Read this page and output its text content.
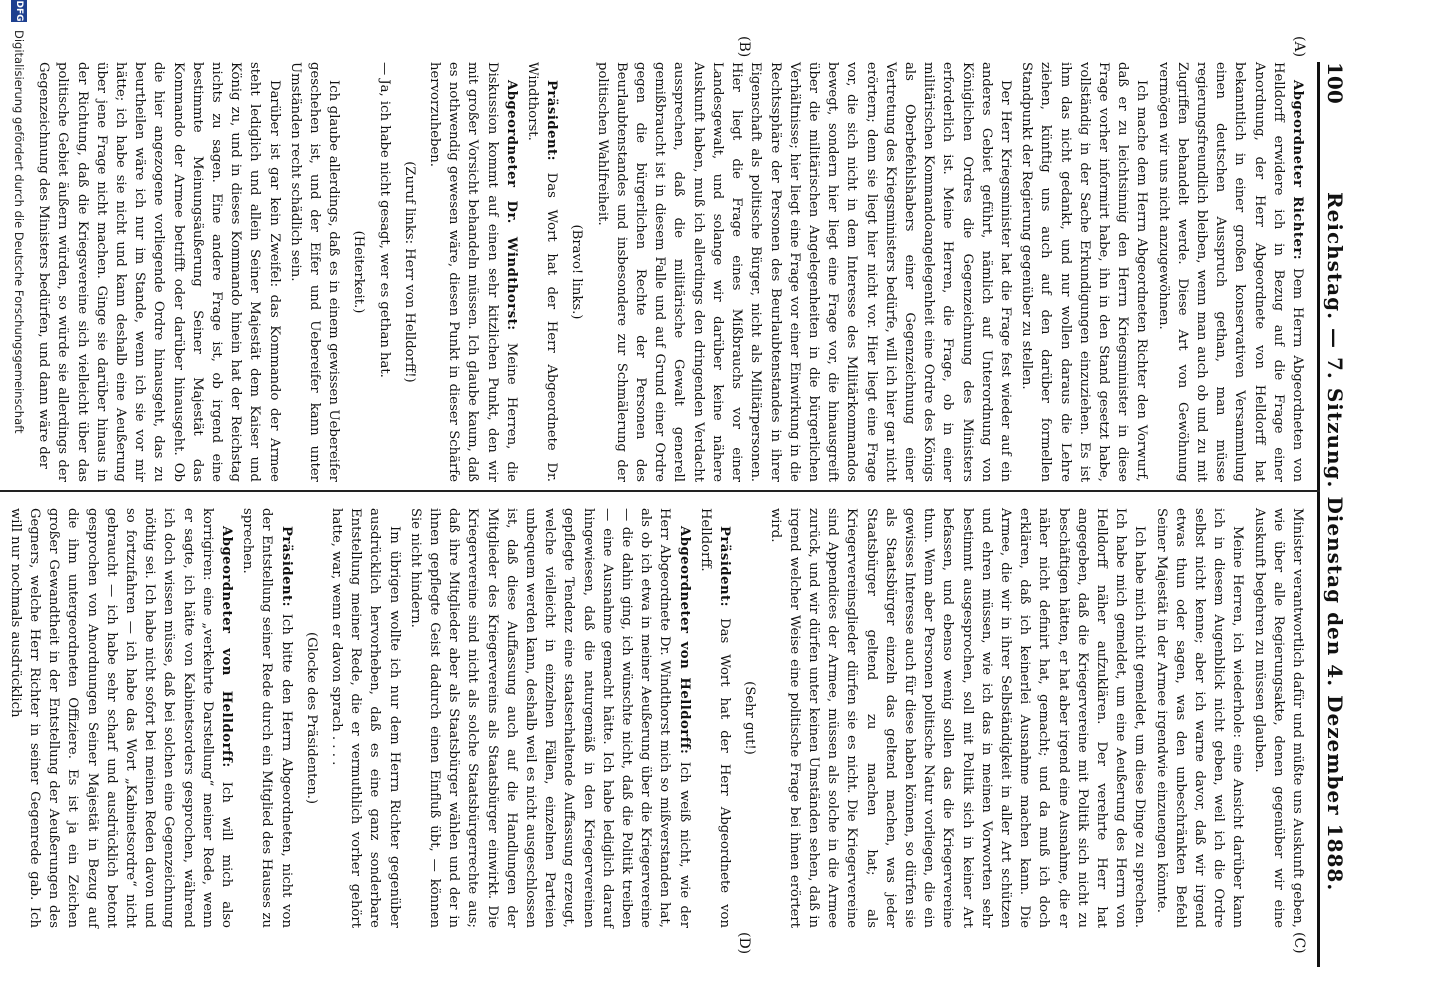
100
Reichstag. — 7. Sitzung. Dienstag den 4. Dezember 1888.
(A)
(B)
(C)
(D)

Abgeordneter Richter: Dem Herrn Abgeordneten von Helldorff erwidere ich in Bezug auf die Frage einer Anordnung, der Herr Abgeordnete von Helldorff hat bekanntlich in einer großen konservativen Versammlung einen deutschen Ausspruch gethan, man müsse regierungsfreundlich bleiben, wenn man auch ob und zu mit Zugriffen behandelt werde. Diese Art von Gewöhnung vermögen wir uns nicht anzugewöhnen.

Ich mache dem Herrn Abgeordneten Richter den Vorwurf, daß er zu leichtsinnig den Herrn Kriegsminister in diese Frage vorher informirt habe, ihn in den Stand gesetzt habe, vollständig in der Sache Erkundigungen einzuziehen. Es ist ihm das nicht gedankt, und nur wollen daraus die Lehre ziehen, künftig uns auch auf den darüber formellen Standpunkt der Regierung gegenüber zu stellen.

Der Herr Kriegsminister hat die Frage fest wieder auf ein anderes Gebiet geführt, nämlich auf Unterordnung von Königlichen Ordres die Gegenzeichnung des Ministers erforderlich ist. Meine Herren, die Frage, ob in einer militärischen Kommandoangelegenheit eine Ordre des Königs als Oberbefehlshabers einer Gegenzeichnung einer Vertretung des Kriegsministers bedürfe, will ich hier gar nicht erörtern; denn sie liegt hier nicht vor. Hier liegt eine Frage vor, die sich nicht in dem Interesse des Militärkommandos bewegt, sondern hier liegt eine Frage vor, die hinausgreift über die militärischen Angelegenheiten in die bürgerlichen Verhältnisse; hier liegt eine Frage vor einer Einwirkung in die Rechtssphäre der Personen des Beurlaubtenstandes in ihrer Eigenschaft als politische Bürger, nicht als Militärpersonen. Hier liegt die Frage eines Mißbrauchs vor einer Landesgewalt, und solange wir darüber keine nähere Auskunft haben, muß ich allerdings den dringenden Verdacht aussprechen, daß die militärische Gewalt generell gemißbraucht ist in diesem Falle und auf Grund einer Ordre gegen die bürgerlichen Rechte der Personen des Beurlaubtenstandes und insbesondere zur Schmälerung der politischen Wahlfreiheit.

(Bravo! links.)

Präsident: Das Wort hat der Herr Abgeordnete Dr. Windthorst.

Abgeordneter Dr. Windthorst: Meine Herren, die Diskussion kommt auf einen sehr kitzlichen Punkt, den wir mit großer Vorsicht behandeln müssen. Ich glaube kaum, daß es nothwendig gewesen wäre, diesen Punkt in dieser Schärfe hervorzuheben.

(Zuruf links: Herr von Helldorff!)

— Ja, ich habe nicht gesagt, wer es gethan hat.

(Heiterkeit.)

Ich glaube allerdings, daß es in einem gewissen Uebereifer geschehen ist, und der Eifer und Uebereifer kann unter Umständen recht schädlich sein.

Darüber ist gar kein Zweifel: das Kommando der Armee steht lediglich und allein Seiner Majestät dem Kaiser und König zu, und in dieses Kommando hinein hat der Reichstag nichts zu sagen. Eine andere Frage ist, ob irgend eine bestimmte Meinungsäußerung Seiner Majestät das Kommando der Armee betrifft oder darüber hinausgeht. Ob die hier angezogene vorliegende Ordre hinausgeht, das zu beurtheilen wäre ich nur im Stande, wenn ich sie vor mir hätte; ich habe sie nicht und kann deshalb eine Aeußerung über jene Frage nicht machen. Ginge sie darüber hinaus in der Richtung, daß die Kriegsvereine sich vielleicht über das politische Gebiet äußern würden, so würde sie allerdings der Gegenzeichnung des Ministers bedürfen, und dann wäre der

Minister verantwortlich dafür und müßte uns Auskunft geben, wie über alle Regierungsakte, denen gegenüber wir eine Auskunft begehren zu müssen glauben.

Meine Herren, ich wiederhole: eine Ansicht darüber kann ich in diesem Augenblick nicht geben, weil ich die Ordre selbst nicht kenne; aber ich warne davor, daß wir irgend etwas thun oder sagen, was den unbeschränkten Befehl Seiner Majestät in der Armee irgendwie einzuengen könnte.

Ich habe mich nicht gemeldet, um diese Dinge zu sprechen. Ich habe mich gemeldet, um eine Aeußerung des Herrn von Helldorff näher aufzuklären. Der verehrte Herr hat angegeben, daß die Kriegervereine mit Politik sich nicht zu beschäftigen hätten, er hat aber irgend eine Ausnahme, die er näher nicht definirt hat, gemacht; und da muß ich doch erklären, daß ich keinerlei Ausnahme machen kann. Die Armee, die wir in ihrer Selbständigkeit in aller Art schützen und ehren müssen, wie ich das in meinen Vorworten sehr bestimmt ausgesprochen, soll mit Politik sich in keiner Art befassen, und ebenso wenig sollen das die Kriegervereine thun. Wenn aber Personen politische Natur vorliegen, die ein gewisses Interesse auch für diese haben können, so dürfen sie als Staatsbürger einzeln das geltend machen, was jeder Staatsbürger geltend zu machen hat; als Kriegervereinsglieder dürfen sie es nicht. Die Kriegervereine sind Appendices der Armee, müssen als solche in die Armee zurück, und wir dürfen unter keinen Umständen sehen, daß in irgend welcher Weise eine politische Frage bei ihnen erörtert wird.

(Sehr gut!)

Präsident: Das Wort hat der Herr Abgeordnete von Helldorff.

Abgeordneter von Helldorff: Ich weiß nicht, wie der Herr Abgeordnete Dr. Windthorst mich so mißverstanden hat, als ob ich etwa in meiner Aeußerung über die Kriegervereine — die dahin ging, ich wünschte nicht, daß die Politik treiben — eine Ausnahme gemacht hätte. Ich habe lediglich darauf hingewiesen, daß die naturgemäß in den Kriegervereinen gepflegte Tendenz eine staatserhaltende Auffassung erzeugt, welche vielleicht in einzelnen Fällen, einzelnen Parteien unbequem werden kann, deshalb weil es nicht ausgeschlossen ist, daß diese Auffassung auch auf die Handlungen der Mitglieder des Kriegervereins als Staatsbürger einwirkt. Die Kriegervereine sind nicht als solche Staatsbürgerrechte aus; daß ihre Mitglieder aber als Staatsbürger wählen und der in ihnen gepflegte Geist dadurch einen Einfluß übt, — können Sie nicht hindern.

Im übrigen wollte ich nur dem Herrn Richter gegenüber ausdrücklich hervorheben, daß es eine ganz sonderbare Entstellung meiner Rede, die er vermuthlich vorher gehört hatte, war, wenn er davon sprach . . . .

(Glocke des Präsidenten.)

Präsident: Ich bitte den Herrn Abgeordneten, nicht von der Entstellung seiner Rede durch ein Mitglied des Hauses zu sprechen.

Abgeordneter von Helldorff: Ich will mich also korrigiren: eine „verkehrte Darstellung“ meiner Rede, wenn er sagte, ich hätte von Kabinetsorders gesprochen, während ich doch wissen müsse, daß bei solchen eine Gegenzeichnung nöthig sei. Ich habe nicht sofort bei meinen Reden davon und so fortzufahren — ich habe das Wort „Kabinetsordre“ nicht gebraucht — ich habe sehr scharf und ausdrücklich betont gesprochen von Anordnungen Seiner Majestät in Bezug auf die ihm untergeordneten Offiziere. Es ist ja ein Zeichen großer Gewandtheit in der Entstellung der Aeußerungen des Gegners, welche Herr Richter in seiner Gegenrede gab. Ich will nur nochmals ausdrücklich

DFG
Digitalisierung gefördert durch die Deutsche Forschungsgemeinschaft
